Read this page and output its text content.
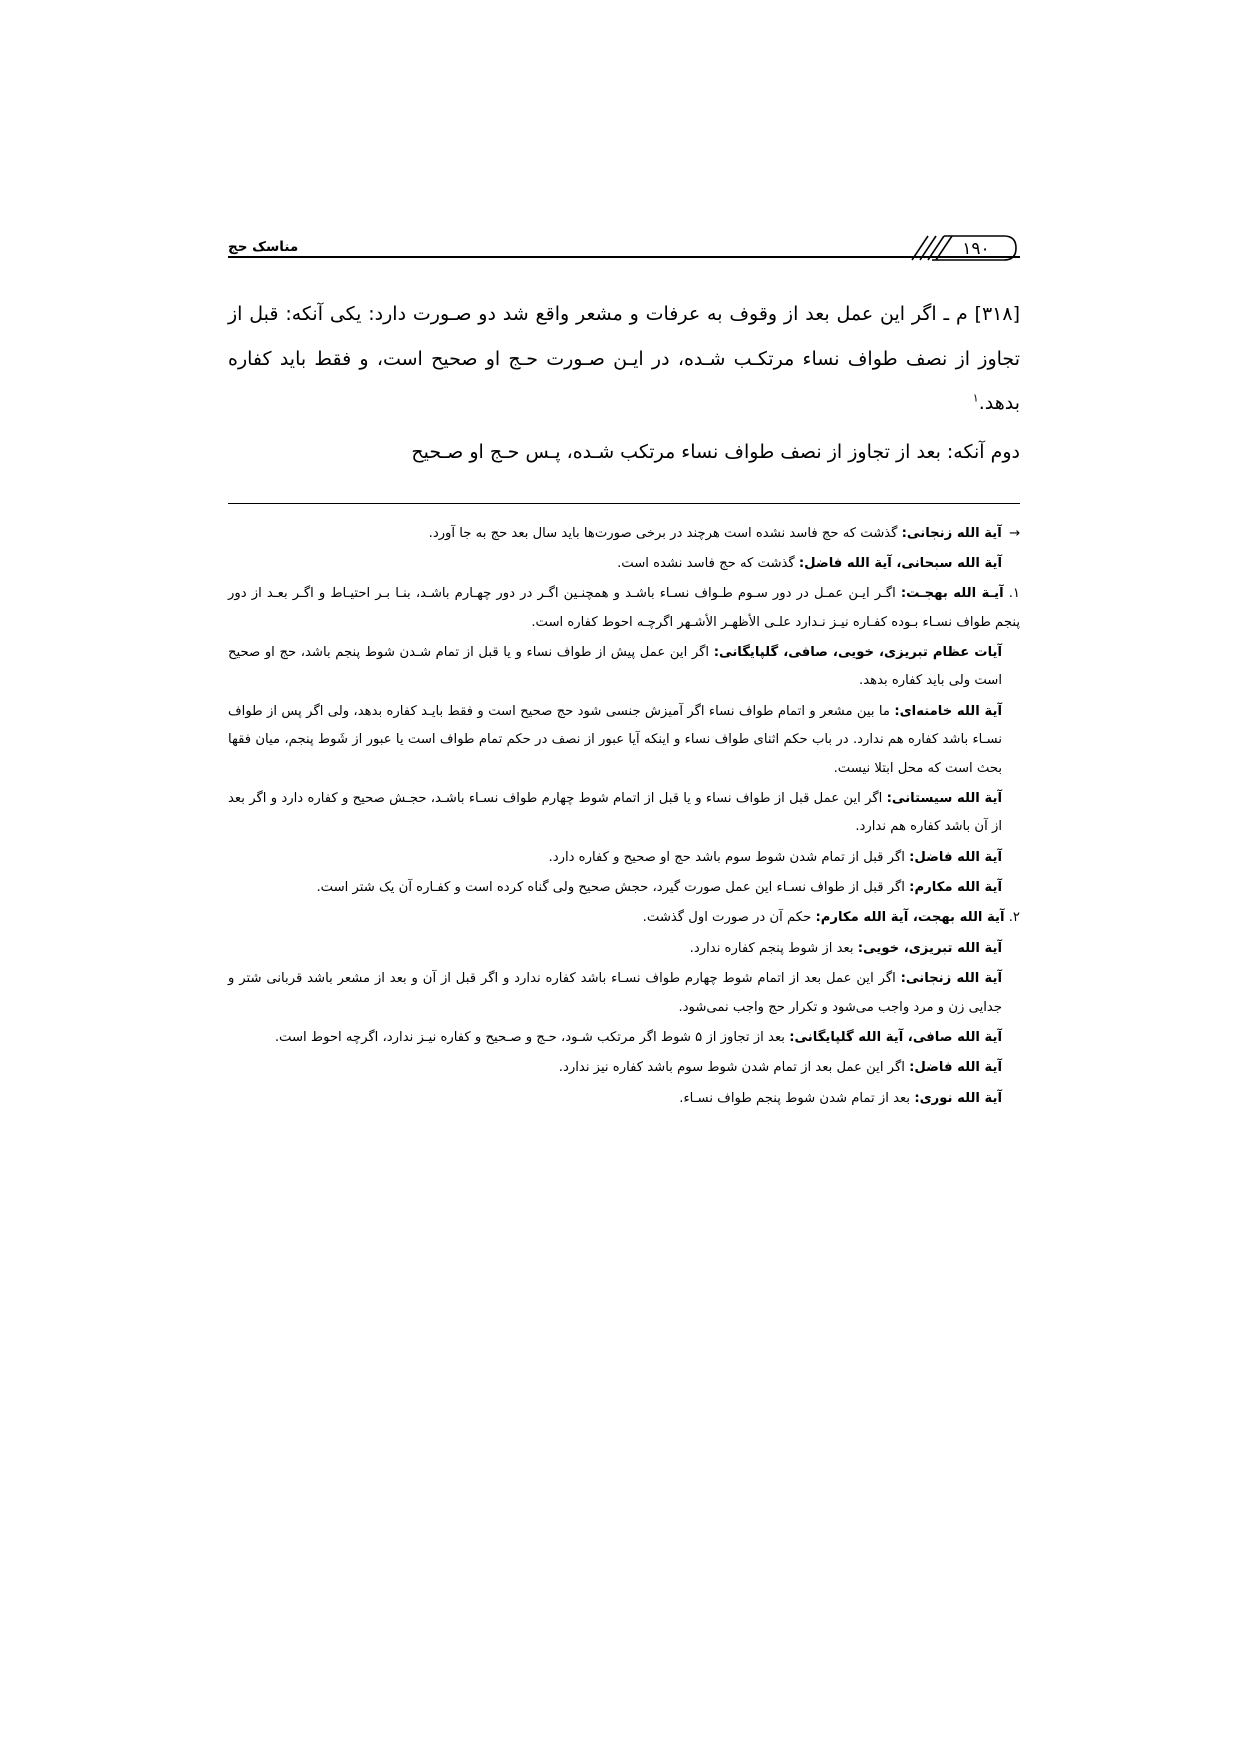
مناسک حج	۱۹۰

[۳۱۸] م ـ اگر این عمل بعد از وقوف به عرفات و مشعر واقع شد دو صـورت دارد: یکی آنکه: قبل از تجاوز از نصف طواف نساء مرتکـب شـده، در ایـن صـورت حـج او صحیح است، و فقط باید کفاره بدهد.$^۱$

دوم آنکه: بعد از تجاوز از نصف طواف نساء مرتکب شـده، پـس حـج او صـحیح

→ آیة الله زنجانی: گذشت که حج فاسد نشده است هرچند در برخی صورت‌ها باید سال بعد حج به جا آورد.

آیة الله سبحانی، آیة الله فاضل: گذشت که حج فاسد نشده است.

۱. آیـة الله بهجـت: اگـر ایـن عمـل در دور سـوم طـواف نسـاء باشـد و همچنـین اگـر در دور چهـارم باشـد، بنـا بـر احتیـاط و اگـر بعـد از دور پنجم طواف نسـاء بـوده کفـاره نیـز نـدارد علـی الأظهـر الأشـهر اگرچـه احوط کفاره است.

آیات عظام تبریزی، خویی، صافی، گلپایگانی: اگر این عمل پیش از طواف نساء و یا قبل از تمام شـدن شوط پنجم باشد، حج او صحیح است ولی باید کفاره بدهد.

آیة الله خامنه‌ای: ما بین مشعر و اتمام طواف نساء اگر آمیزش جنسی شود حج صحیح است و فقط بایـد کفاره بدهد، ولی اگر پس از طواف نسـاء باشد کفاره هم ندارد. در باب حکم اثنای طواف نساء و اینکه آیا عبور از نصف در حکم تمام طواف است یا عبور از شَوط پنجم، میان فقها بحث است که محل ابتلا نیست.

آیة الله سیستانی: اگر این عمل قبل از طواف نساء و یا قبل از اتمام شوط چهارم طواف نسـاء باشـد، حجـش صحیح و کفاره دارد و اگر بعد از آن باشد کفاره هم ندارد.

آیة الله فاضل: اگر قبل از تمام شدن شوط سوم باشد حج او صحیح و کفاره دارد.

آیة الله مکارم: اگر قبل از طواف نسـاء این عمل صورت گیرد، حجش صحیح ولی گناه کرده است و کفـاره آن یک شتر است.

۲. آیة الله بهجت، آیة الله مکارم: حکم آن در صورت اول گذشت.

آیة الله تبریزی، خویی: بعد از شوط پنجم کفاره ندارد.

آیة الله زنجانی: اگر این عمل بعد از اتمام شوط چهارم طواف نسـاء باشد کفاره ندارد و اگر قبل از آن و بعد از مشعر باشد قربانی شتر و جدایی زن و مرد واجب می‌شود و تکرار حج واجب نمی‌شود.

آیة الله صافی، آیة الله گلپایگانی: بعد از تجاوز از ۵ شوط اگر مرتکب شـود، حـج و صـحیح و کفاره نیـز ندارد، اگرچه احوط است.

آیة الله فاضل: اگر این عمل بعد از تمام شدن شوط سوم باشد کفاره نیز ندارد.

آیة الله نوری: بعد از تمام شدن شوط پنجم طواف نسـاء.
